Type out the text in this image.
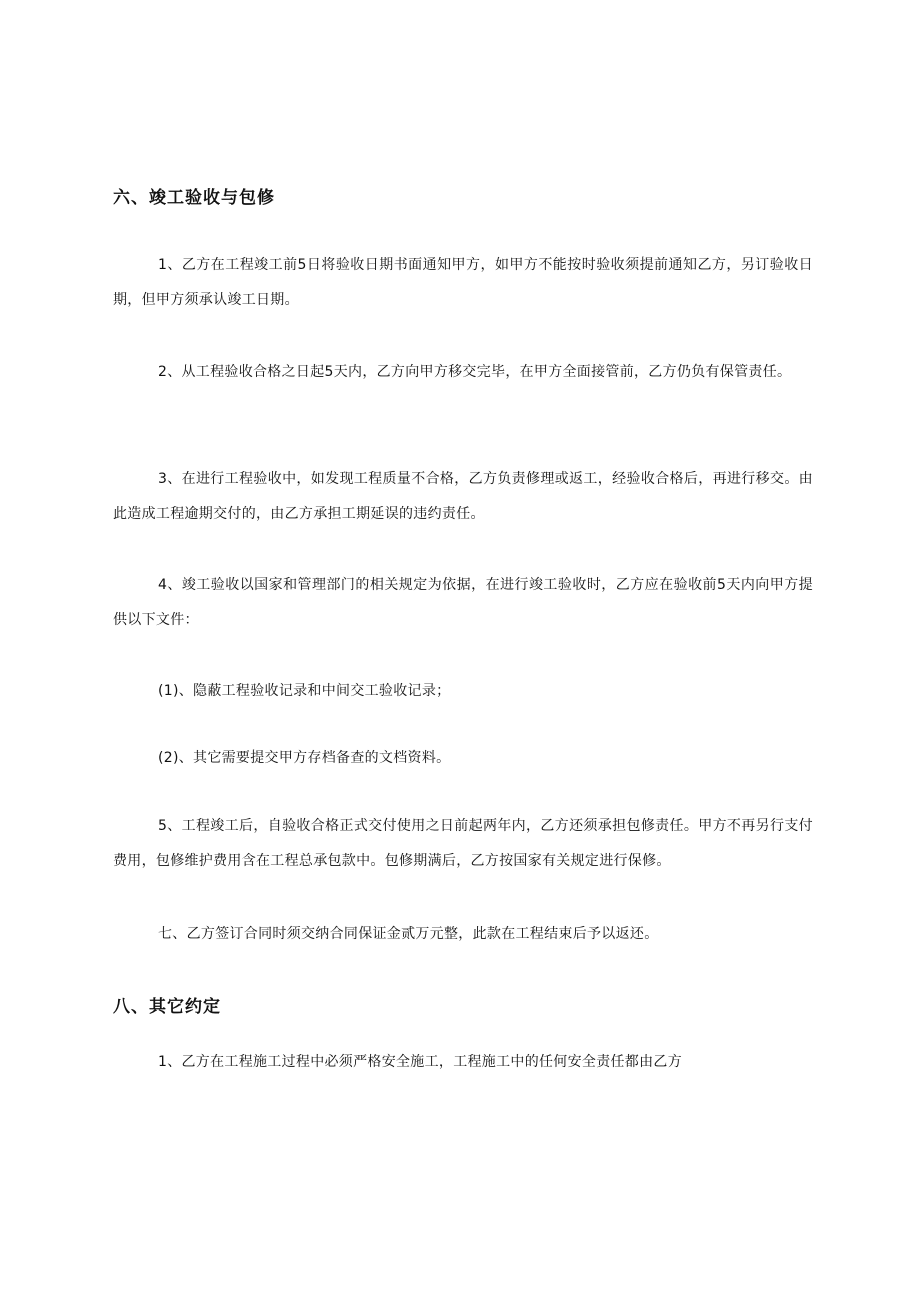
六、竣工验收与包修

1、乙方在工程竣工前5日将验收日期书面通知甲方，如甲方不能按时验收须提前通知乙方，另订验收日期，但甲方须承认竣工日期。

2、从工程验收合格之日起5天内，乙方向甲方移交完毕，在甲方全面接管前，乙方仍负有保管责任。

3、在进行工程验收中，如发现工程质量不合格，乙方负责修理或返工，经验收合格后，再进行移交。由此造成工程逾期交付的，由乙方承担工期延误的违约责任。

4、竣工验收以国家和管理部门的相关规定为依据，在进行竣工验收时，乙方应在验收前5天内向甲方提供以下文件：

(1)、隐蔽工程验收记录和中间交工验收记录；

(2)、其它需要提交甲方存档备查的文档资料。

5、工程竣工后，自验收合格正式交付使用之日前起两年内，乙方还须承担包修责任。甲方不再另行支付费用，包修维护费用含在工程总承包款中。包修期满后，乙方按国家有关规定进行保修。

七、乙方签订合同时须交纳合同保证金贰万元整，此款在工程结束后予以返还。

八、其它约定

1、乙方在工程施工过程中必须严格安全施工，工程施工中的任何安全责任都由乙方
